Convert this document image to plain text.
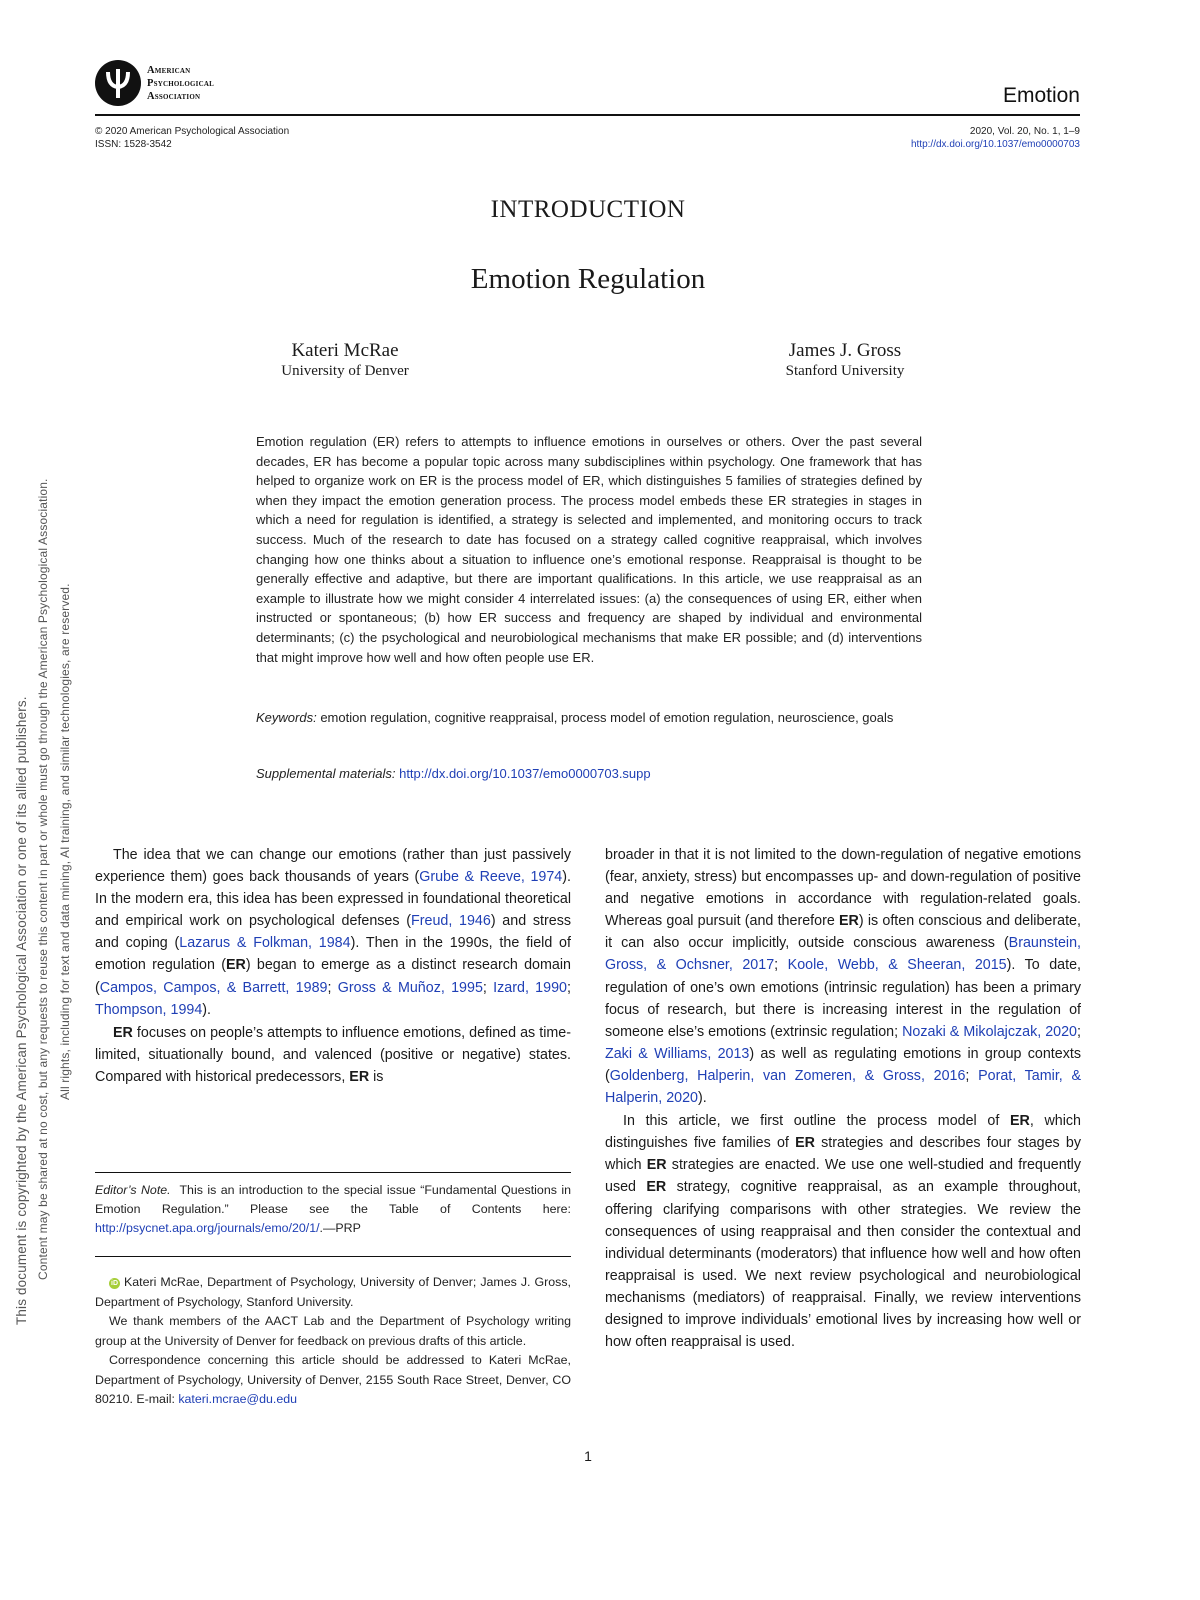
American
Psychological
Association	Emotion
© 2020 American Psychological Association
ISSN: 1528-3542
2020, Vol. 20, No. 1, 1–9
http://dx.doi.org/10.1037/emo0000703
This document is copyrighted by the American Psychological Association or one of its allied publishers. Content may be shared at no cost, but any requests to reuse this content in part or whole must go through the American Psychological Association. All rights, including for text and data mining, AI training, and similar technologies, are reserved.
INTRODUCTION
Emotion Regulation
Kateri McRae
University of Denver
James J. Gross
Stanford University
Emotion regulation (ER) refers to attempts to influence emotions in ourselves or others. Over the past several decades, ER has become a popular topic across many subdisciplines within psychology. One framework that has helped to organize work on ER is the process model of ER, which distinguishes 5 families of strategies defined by when they impact the emotion generation process. The process model embeds these ER strategies in stages in which a need for regulation is identified, a strategy is selected and implemented, and monitoring occurs to track success. Much of the research to date has focused on a strategy called cognitive reappraisal, which involves changing how one thinks about a situation to influence one’s emotional response. Reappraisal is thought to be generally effective and adaptive, but there are important qualifications. In this article, we use reappraisal as an example to illustrate how we might consider 4 interrelated issues: (a) the consequences of using ER, either when instructed or spontaneous; (b) how ER success and frequency are shaped by individual and environmental determinants; (c) the psychological and neurobiological mechanisms that make ER possible; and (d) interventions that might improve how well and how often people use ER.
Keywords: emotion regulation, cognitive reappraisal, process model of emotion regulation, neuroscience, goals
Supplemental materials: http://dx.doi.org/10.1037/emo0000703.supp

The idea that we can change our emotions (rather than just passively experience them) goes back thousands of years (Grube & Reeve, 1974). In the modern era, this idea has been expressed in foundational theoretical and empirical work on psychological defenses (Freud, 1946) and stress and coping (Lazarus & Folkman, 1984). Then in the 1990s, the field of emotion regulation (ER) began to emerge as a distinct research domain (Campos, Campos, & Barrett, 1989; Gross & Muñoz, 1995; Izard, 1990; Thompson, 1994).

ER focuses on people’s attempts to influence emotions, defined as time-limited, situationally bound, and valenced (positive or negative) states. Compared with historical predecessors, ER is

broader in that it is not limited to the down-regulation of negative emotions (fear, anxiety, stress) but encompasses up- and down-regulation of positive and negative emotions in accordance with regulation-related goals. Whereas goal pursuit (and therefore ER) is often conscious and deliberate, it can also occur implicitly, outside conscious awareness (Braunstein, Gross, & Ochsner, 2017; Koole, Webb, & Sheeran, 2015). To date, regulation of one’s own emotions (intrinsic regulation) has been a primary focus of research, but there is increasing interest in the regulation of someone else’s emotions (extrinsic regulation; Nozaki & Mikolajczak, 2020; Zaki & Williams, 2013) as well as regulating emotions in group contexts (Goldenberg, Halperin, van Zomeren, & Gross, 2016; Porat, Tamir, & Halperin, 2020).

In this article, we first outline the process model of ER, which distinguishes five families of ER strategies and describes four stages by which ER strategies are enacted. We use one well-studied and frequently used ER strategy, cognitive reappraisal, as an example throughout, offering clarifying comparisons with other strategies. We review the consequences of using reappraisal and then consider the contextual and individual determinants (moderators) that influence how well and how often reappraisal is used. We next review psychological and neurobiological mechanisms (mediators) of reappraisal. Finally, we review interventions designed to improve individuals’ emotional lives by increasing how well or how often reappraisal is used.

Editor’s Note. This is an introduction to the special issue “Fundamental Questions in Emotion Regulation.” Please see the Table of Contents here: http://psycnet.apa.org/journals/emo/20/1/.—PRP

iD Kateri McRae, Department of Psychology, University of Denver; James J. Gross, Department of Psychology, Stanford University.

We thank members of the AACT Lab and the Department of Psychology writing group at the University of Denver for feedback on previous drafts of this article.

Correspondence concerning this article should be addressed to Kateri McRae, Department of Psychology, University of Denver, 2155 South Race Street, Denver, CO 80210. E-mail: kateri.mcrae@du.edu

1
